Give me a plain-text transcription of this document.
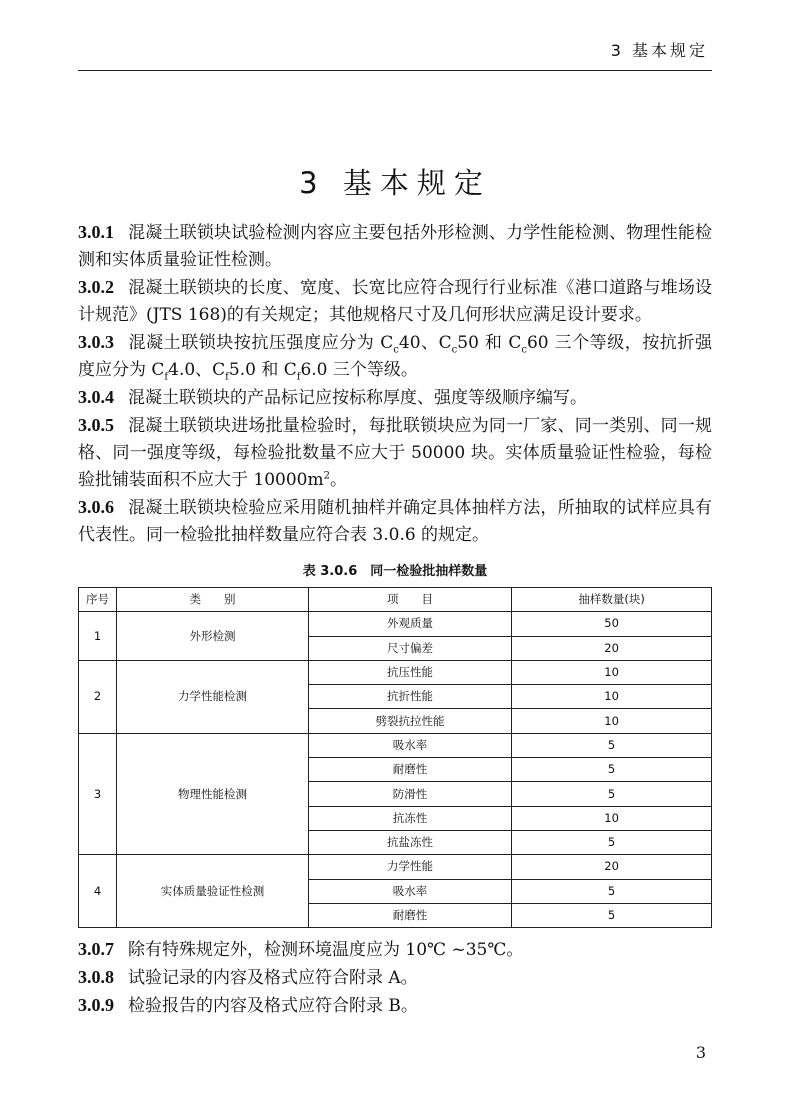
3 基本规定
3 基本规定

3.0.1 混凝土联锁块试验检测内容应主要包括外形检测、力学性能检测、物理性能检测和实体质量验证性检测。

3.0.2 混凝土联锁块的长度、宽度、长宽比应符合现行行业标准《港口道路与堆场设计规范》(JTS 168)的有关规定；其他规格尺寸及几何形状应满足设计要求。

3.0.3 混凝土联锁块按抗压强度应分为 $C_c40$、$C_c50$ 和 $C_c60$ 三个等级，按抗折强度应分为 $C_f4.0$、$C_f5.0$ 和 $C_f6.0$ 三个等级。

3.0.4 混凝土联锁块的产品标记应按标称厚度、强度等级顺序编写。

3.0.5 混凝土联锁块进场批量检验时，每批联锁块应为同一厂家、同一类别、同一规格、同一强度等级，每检验批数量不应大于 50000 块。实体质量验证性检验，每检验批铺装面积不应大于 $10000m^2$。

3.0.6 混凝土联锁块检验应采用随机抽样并确定具体抽样方法，所抽取的试样应具有代表性。同一检验批抽样数量应符合表 3.0.6 的规定。

表 3.0.6　同一检验批抽样数量
序号	类　　别	项　　目	抽样数量(块)
1	外形检测	外观质量	50
		尺寸偏差	20
2	力学性能检测	抗压性能	10
		抗折性能	10
		劈裂抗拉性能	10
3	物理性能检测	吸水率	5
		耐磨性	5
		防滑性	5
		抗冻性	10
		抗盐冻性	5
4	实体质量验证性检测	力学性能	20
		吸水率	5
		耐磨性	5

3.0.7 除有特殊规定外，检测环境温度应为 10℃ ~35℃。

3.0.8 试验记录的内容及格式应符合附录 A。

3.0.9 检验报告的内容及格式应符合附录 B。

3
